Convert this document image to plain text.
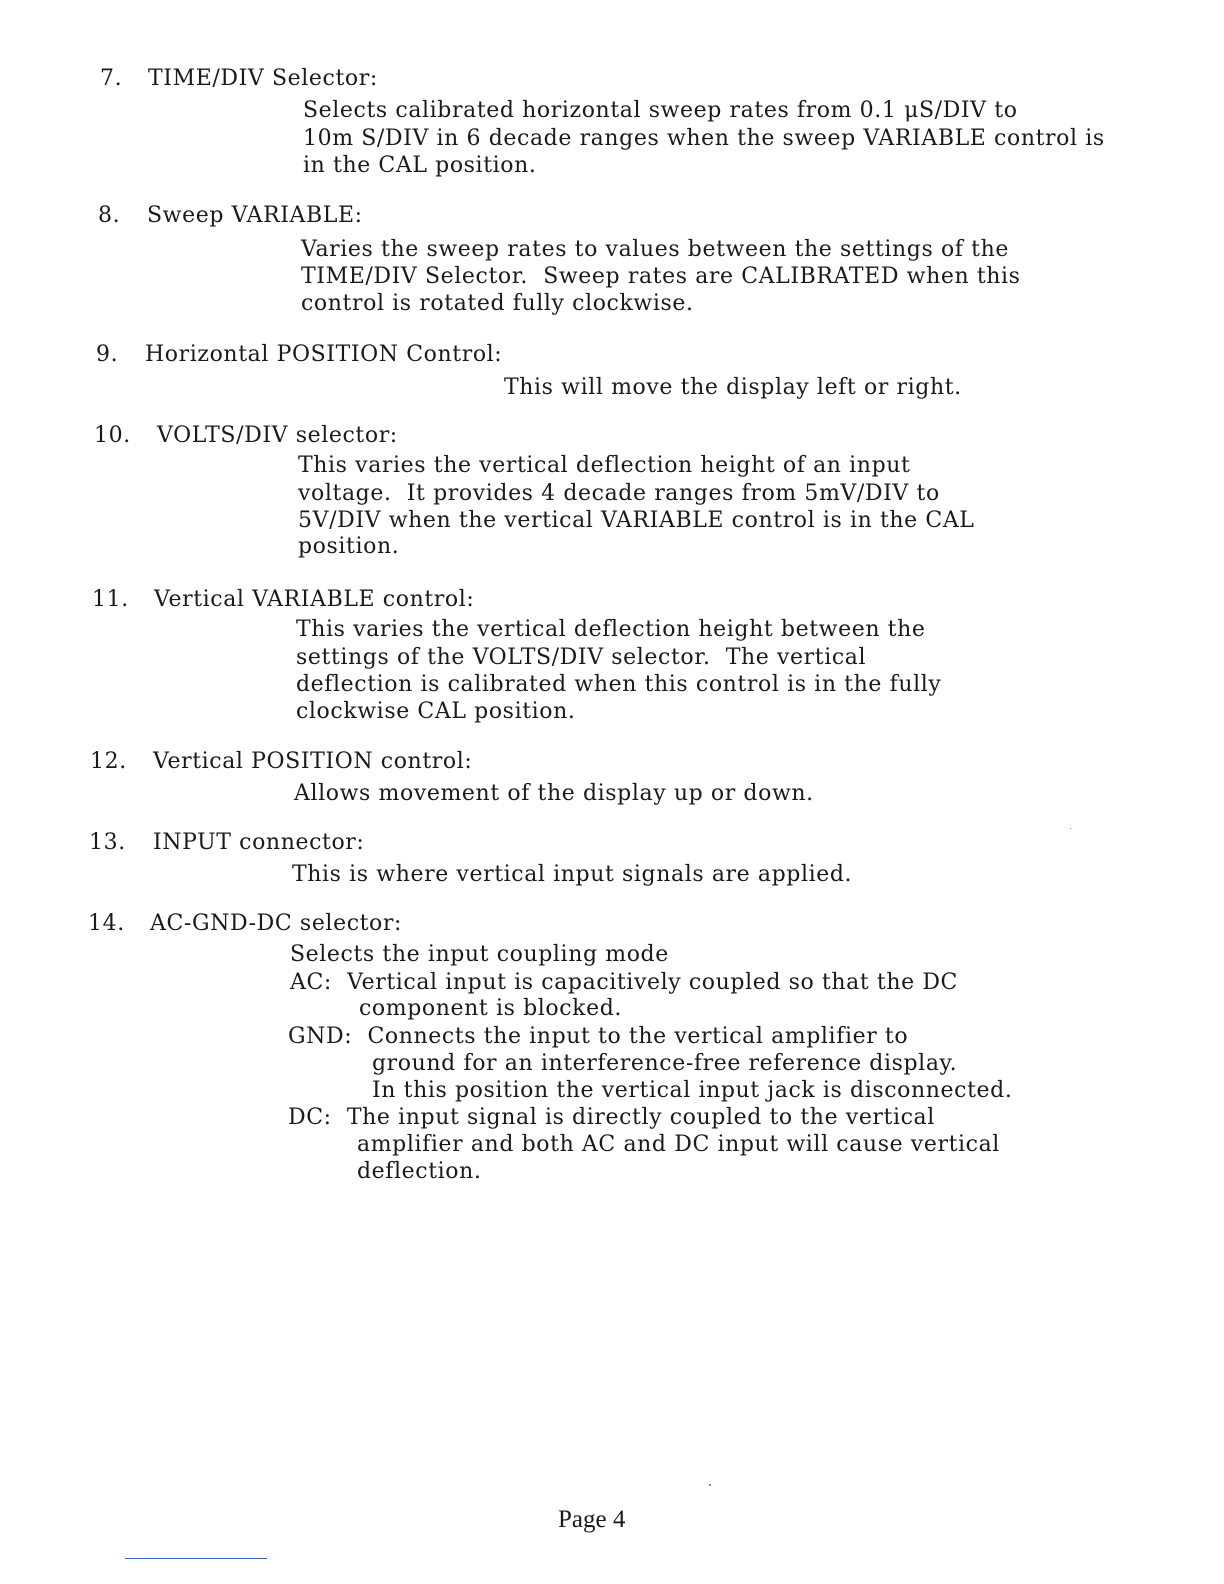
7. TIME/DIV Selector:
Selects calibrated horizontal sweep rates from 0.1 μS/DIV to
10m S/DIV in 6 decade ranges when the sweep VARIABLE control is
in the CAL position.
8. Sweep VARIABLE:
Varies the sweep rates to values between the settings of the
TIME/DIV Selector.  Sweep rates are CALIBRATED when this
control is rotated fully clockwise.
9. Horizontal POSITION Control:
This will move the display left or right.
10. VOLTS/DIV selector:
This varies the vertical deflection height of an input
voltage.  It provides 4 decade ranges from 5mV/DIV to
5V/DIV when the vertical VARIABLE control is in the CAL
position.
11. Vertical VARIABLE control:
This varies the vertical deflection height between the
settings of the VOLTS/DIV selector.  The vertical
deflection is calibrated when this control is in the fully
clockwise CAL position.
12. Vertical POSITION control:
Allows movement of the display up or down.
13. INPUT connector:
This is where vertical input signals are applied.
14. AC-GND-DC selector:
Selects the input coupling mode
AC:  Vertical input is capacitively coupled so that the DC
component is blocked.
GND:  Connects the input to the vertical amplifier to
ground for an interference-free reference display.
In this position the vertical input jack is disconnected.
DC:  The input signal is directly coupled to the vertical
amplifier and both AC and DC input will cause vertical
deflection.
Page 4
